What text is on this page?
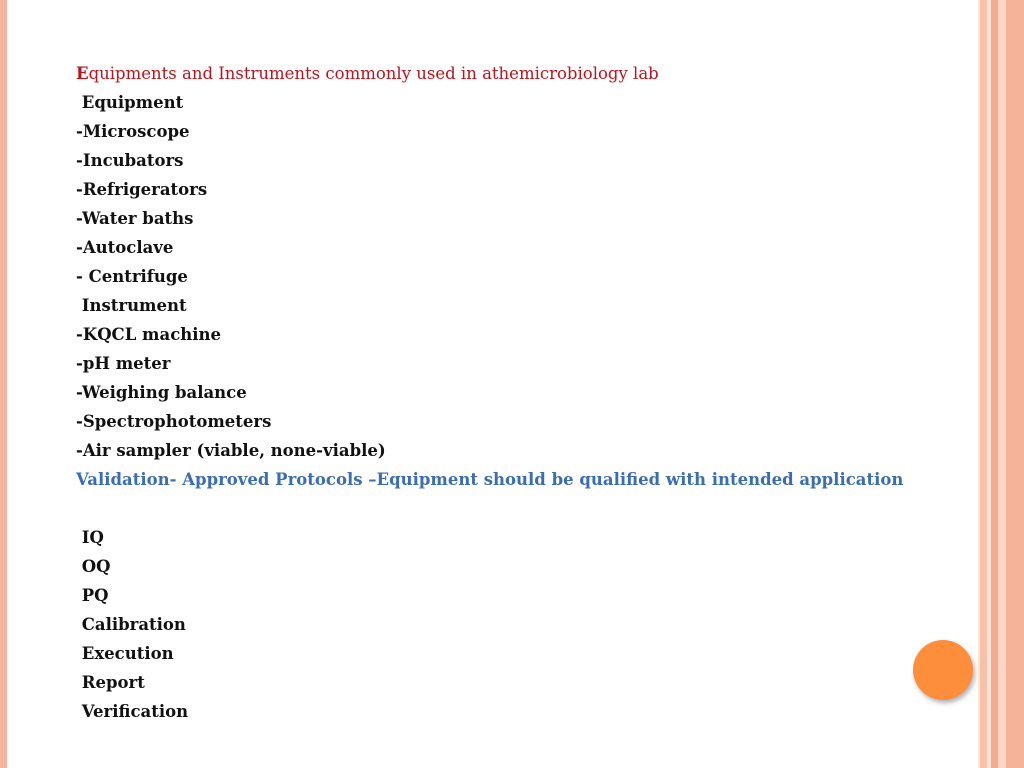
Equipments and Instruments commonly used in athemicrobiology lab
Equipment
-Microscope
-Incubators
-Refrigerators
-Water baths
-Autoclave
- Centrifuge
Instrument
-KQCL machine
-pH meter
-Weighing balance
-Spectrophotometers
-Air sampler (viable, none-viable)
Validation- Approved Protocols –Equipment should be qualified with intended application
IQ
OQ
PQ
Calibration
Execution
Report
Verification
